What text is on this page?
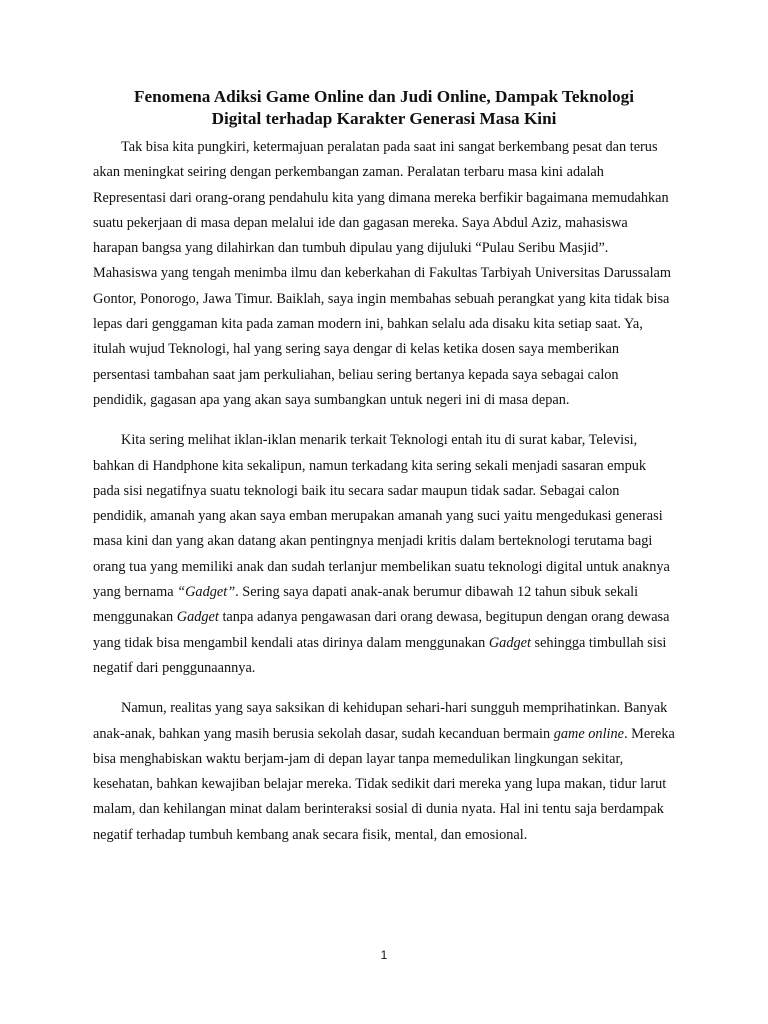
Fenomena Adiksi Game Online dan Judi Online, Dampak Teknologi
Digital terhadap Karakter Generasi Masa Kini

Tak bisa kita pungkiri, ketermajuan peralatan pada saat ini sangat berkembang pesat dan terus akan meningkat seiring dengan perkembangan zaman. Peralatan terbaru masa kini adalah Representasi dari orang-orang pendahulu kita yang dimana mereka berfikir bagaimana memudahkan suatu pekerjaan di masa depan melalui ide dan gagasan mereka. Saya Abdul Aziz, mahasiswa harapan bangsa yang dilahirkan dan tumbuh dipulau yang dijuluki “Pulau Seribu Masjid”. Mahasiswa yang tengah menimba ilmu dan keberkahan di Fakultas Tarbiyah Universitas Darussalam Gontor, Ponorogo, Jawa Timur. Baiklah, saya ingin membahas sebuah perangkat yang kita tidak bisa lepas dari genggaman kita pada zaman modern ini, bahkan selalu ada disaku kita setiap saat. Ya, itulah wujud Teknologi, hal yang sering saya dengar di kelas ketika dosen saya memberikan persentasi tambahan saat jam perkuliahan, beliau sering bertanya kepada saya sebagai calon pendidik, gagasan apa yang akan saya sumbangkan untuk negeri ini di masa depan.

Kita sering melihat iklan-iklan menarik terkait Teknologi entah itu di surat kabar, Televisi, bahkan di Handphone kita sekalipun, namun terkadang kita sering sekali menjadi sasaran empuk pada sisi negatifnya suatu teknologi baik itu secara sadar maupun tidak sadar. Sebagai calon pendidik, amanah yang akan saya emban merupakan amanah yang suci yaitu mengedukasi generasi masa kini dan yang akan datang akan pentingnya menjadi kritis dalam berteknologi terutama bagi orang tua yang memiliki anak dan sudah terlanjur membelikan suatu teknologi digital untuk anaknya yang bernama “Gadget”. Sering saya dapati anak-anak berumur dibawah 12 tahun sibuk sekali menggunakan Gadget tanpa adanya pengawasan dari orang dewasa, begitupun dengan orang dewasa yang tidak bisa mengambil kendali atas dirinya dalam menggunakan Gadget sehingga timbullah sisi negatif dari penggunaannya.

Namun, realitas yang saya saksikan di kehidupan sehari-hari sungguh memprihatinkan. Banyak anak-anak, bahkan yang masih berusia sekolah dasar, sudah kecanduan bermain game online. Mereka bisa menghabiskan waktu berjam-jam di depan layar tanpa memedulikan lingkungan sekitar, kesehatan, bahkan kewajiban belajar mereka. Tidak sedikit dari mereka yang lupa makan, tidur larut malam, dan kehilangan minat dalam berinteraksi sosial di dunia nyata. Hal ini tentu saja berdampak negatif terhadap tumbuh kembang anak secara fisik, mental, dan emosional.

1
